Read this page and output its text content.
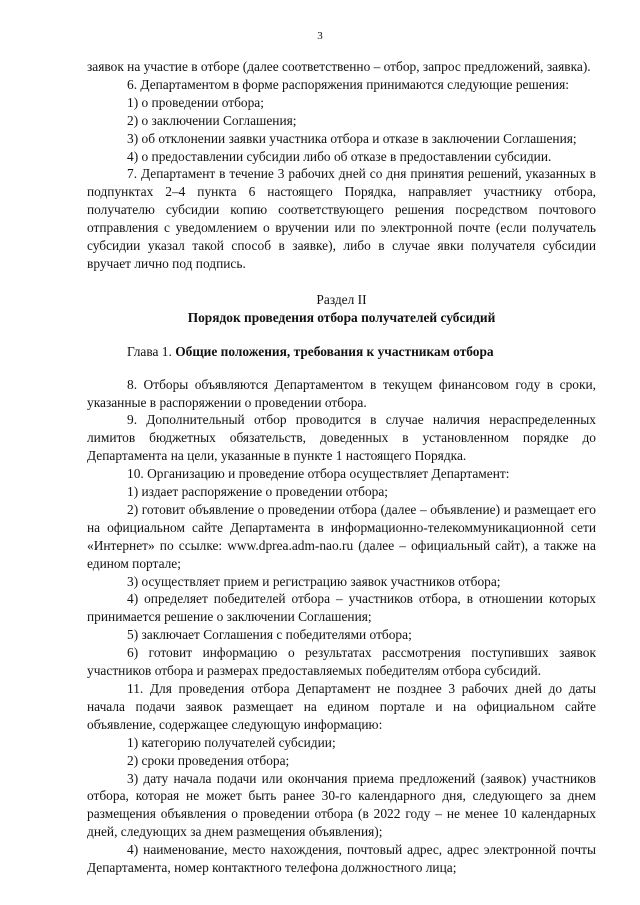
3

заявок на участие в отборе (далее соответственно – отбор, запрос предложений, заявка).

6. Департаментом в форме распоряжения принимаются следующие решения:

1) о проведении отбора;

2) о заключении Соглашения;

3) об отклонении заявки участника отбора и отказе в заключении Соглашения;

4) о предоставлении субсидии либо об отказе в предоставлении субсидии.

7. Департамент в течение 3 рабочих дней со дня принятия решений, указанных в подпунктах 2–4 пункта 6 настоящего Порядка, направляет участнику отбора, получателю субсидии копию соответствующего решения посредством почтового отправления с уведомлением о вручении или по электронной почте (если получатель субсидии указал такой способ в заявке), либо в случае явки получателя субсидии вручает лично под подпись.

Раздел II

Порядок проведения отбора получателей субсидий

Глава 1. Общие положения, требования к участникам отбора

8. Отборы объявляются Департаментом в текущем финансовом году в сроки, указанные в распоряжении о проведении отбора.

9. Дополнительный отбор проводится в случае наличия нераспределенных лимитов бюджетных обязательств, доведенных в установленном порядке до Департамента на цели, указанные в пункте 1 настоящего Порядка.

10. Организацию и проведение отбора осуществляет Департамент:

1) издает распоряжение о проведении отбора;

2) готовит объявление о проведении отбора (далее – объявление) и размещает его на официальном сайте Департамента в информационно-телекоммуникационной сети «Интернет» по ссылке: www.dprea.adm-nao.ru (далее – официальный сайт), а также на едином портале;

3) осуществляет прием и регистрацию заявок участников отбора;

4) определяет победителей отбора – участников отбора, в отношении которых принимается решение о заключении Соглашения;

5) заключает Соглашения с победителями отбора;

6) готовит информацию о результатах рассмотрения поступивших заявок участников отбора и размерах предоставляемых победителям отбора субсидий.

11. Для проведения отбора Департамент не позднее 3 рабочих дней до даты начала подачи заявок размещает на едином портале и на официальном сайте объявление, содержащее следующую информацию:

1) категорию получателей субсидии;

2) сроки проведения отбора;

3) дату начала подачи или окончания приема предложений (заявок) участников отбора, которая не может быть ранее 30-го календарного дня, следующего за днем размещения объявления о проведении отбора (в 2022 году – не менее 10 календарных дней, следующих за днем размещения объявления);

4) наименование, место нахождения, почтовый адрес, адрес электронной почты Департамента, номер контактного телефона должностного лица;
